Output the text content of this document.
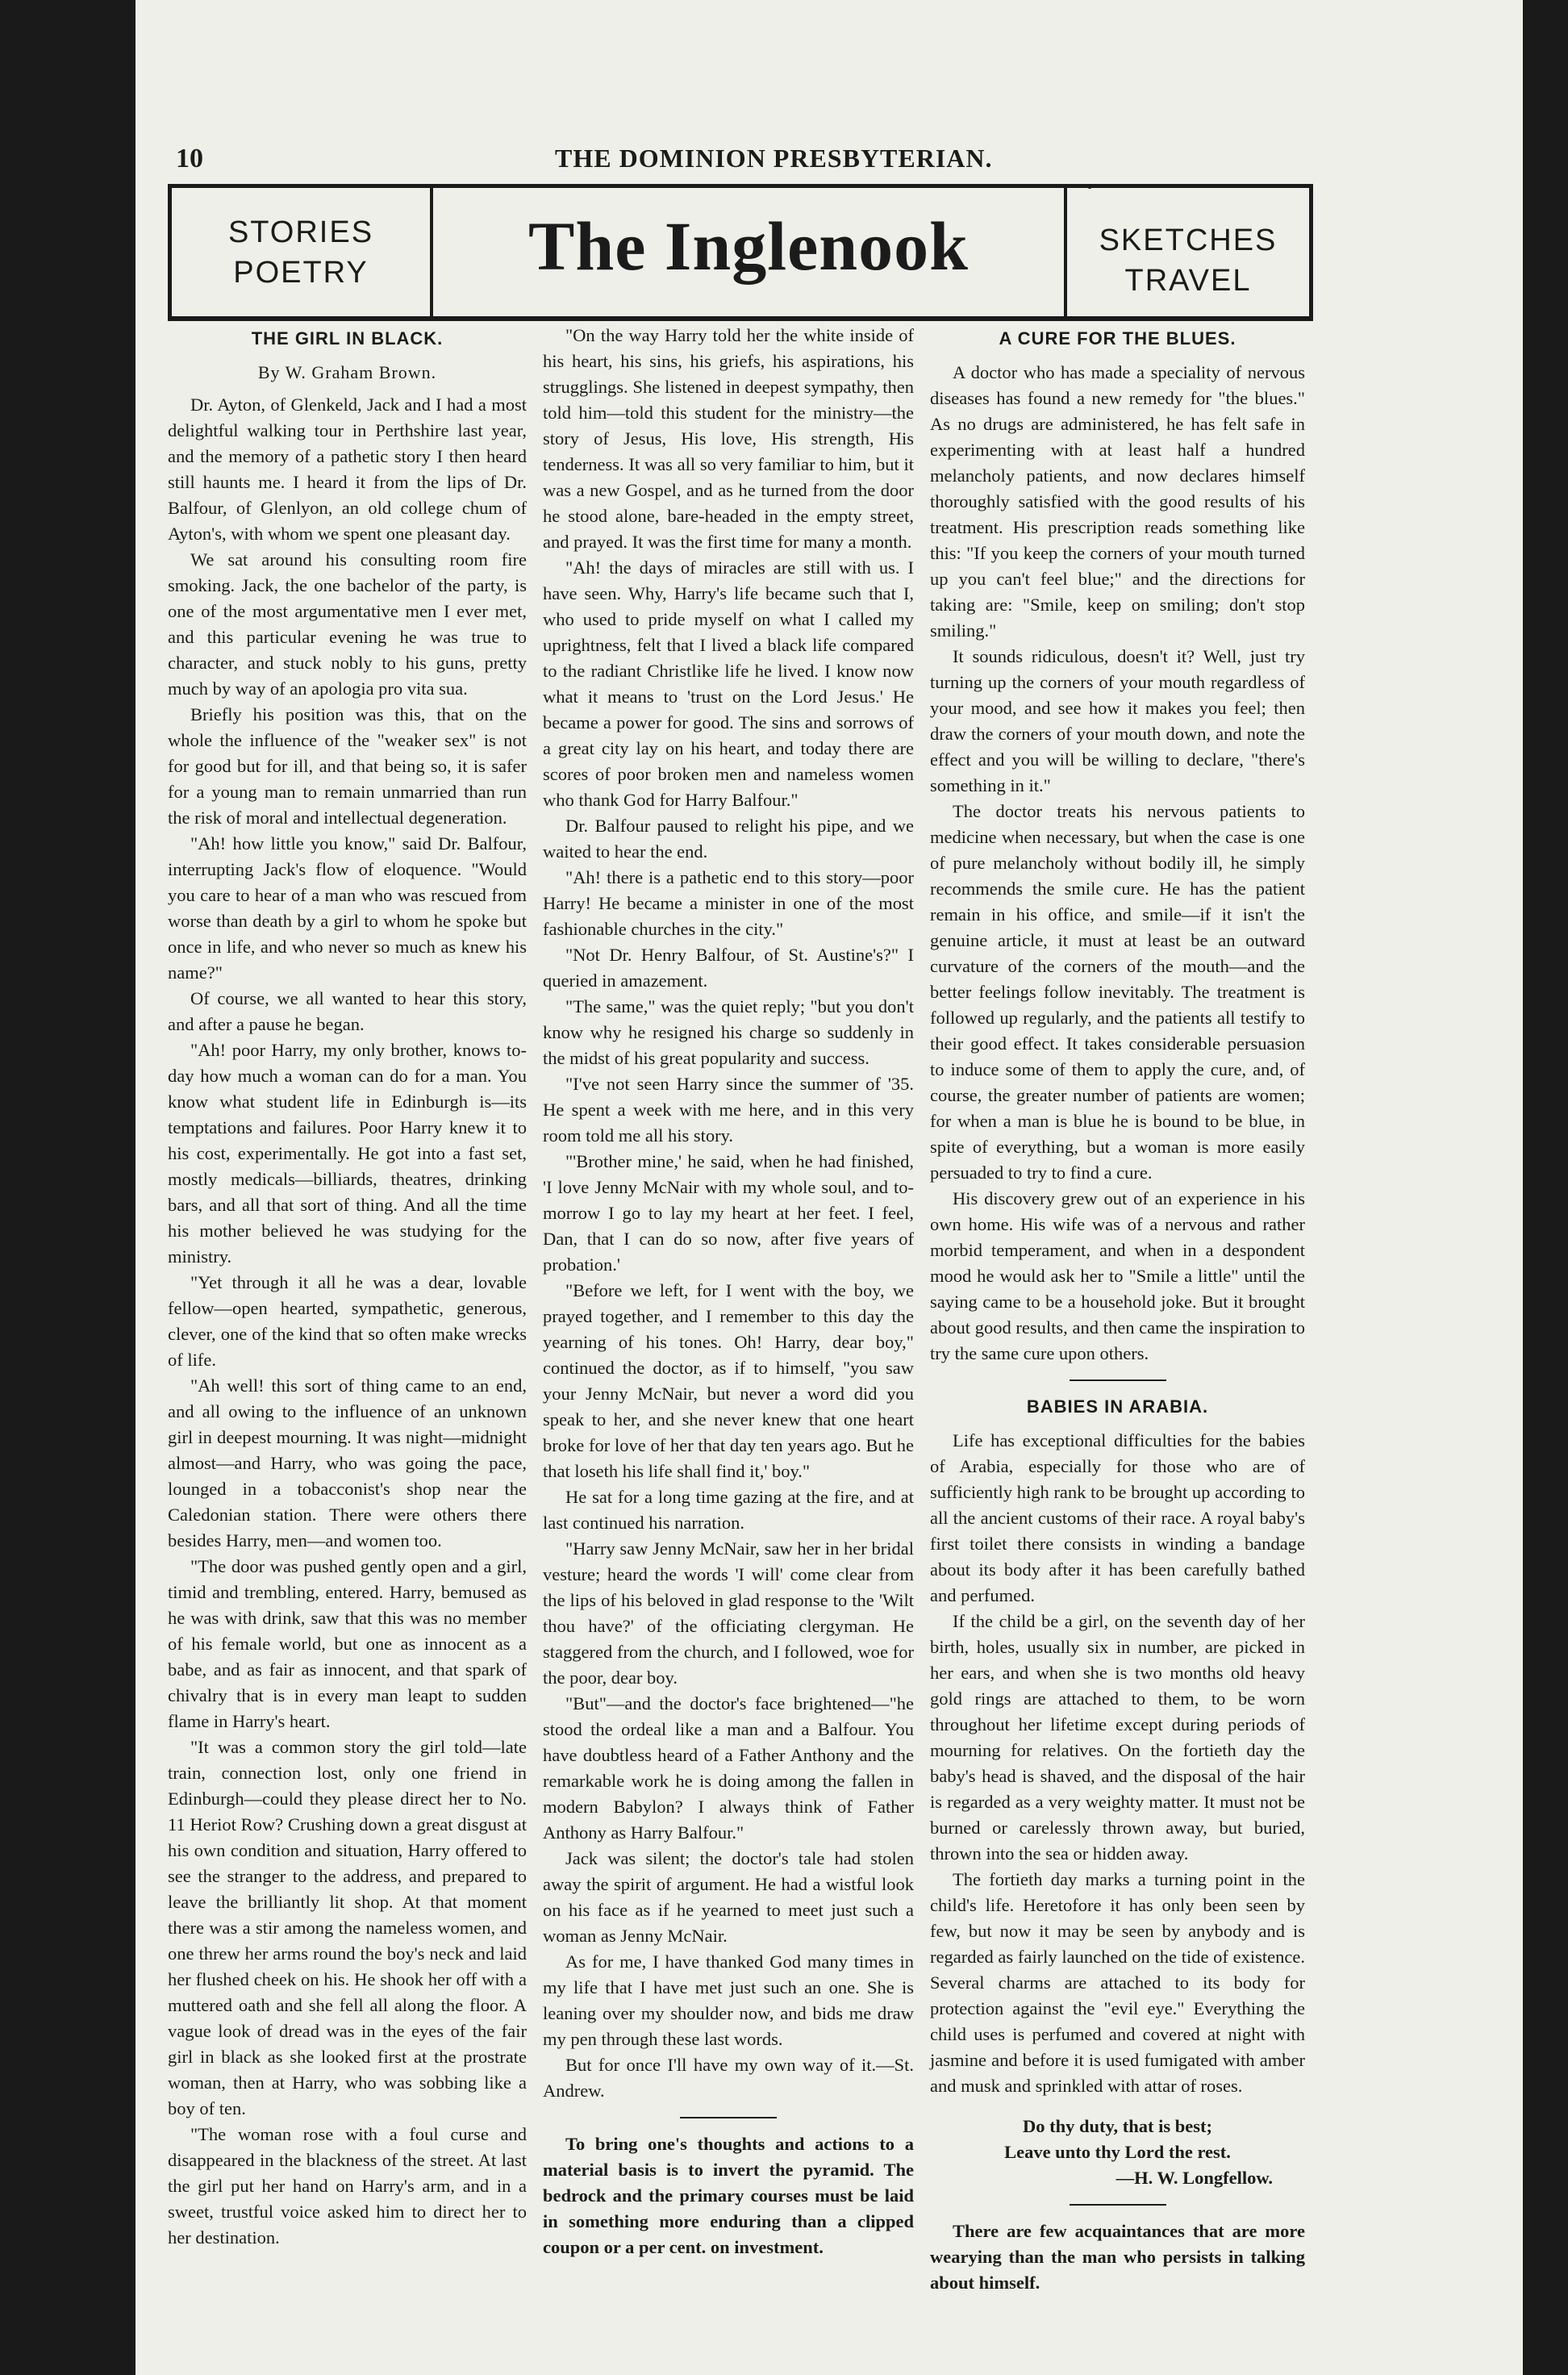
10	THE DOMINION PRESBYTERIAN.
STORIES
POETRY	The Inglenook	SKETCHES
TRAVEL
THE GIRL IN BLACK.
By W. Graham Brown.

Dr. Ayton, of Glenkeld, Jack and I had a most delightful walking tour in Perthshire last year, and the memory of a pathetic story I then heard still haunts me. I heard it from the lips of Dr. Balfour, of Glenlyon, an old college chum of Ayton's, with whom we spent one pleasant day.

We sat around his consulting room fire smoking. Jack, the one bachelor of the party, is one of the most argumentative men I ever met, and this particular evening he was true to character, and stuck nobly to his guns, pretty much by way of an apologia pro vita sua.

Briefly his position was this, that on the whole the influence of the "weaker sex" is not for good but for ill, and that being so, it is safer for a young man to remain unmarried than run the risk of moral and intellectual degeneration.

"Ah! how little you know," said Dr. Balfour, interrupting Jack's flow of eloquence. "Would you care to hear of a man who was rescued from worse than death by a girl to whom he spoke but once in life, and who never so much as knew his name?"

Of course, we all wanted to hear this story, and after a pause he began.

"Ah! poor Harry, my only brother, knows to-day how much a woman can do for a man. You know what student life in Edinburgh is—its temptations and failures. Poor Harry knew it to his cost, experimentally. He got into a fast set, mostly medicals—billiards, theatres, drinking bars, and all that sort of thing. And all the time his mother believed he was studying for the ministry.

"Yet through it all he was a dear, lovable fellow—open hearted, sympathetic, generous, clever, one of the kind that so often make wrecks of life.

"Ah well! this sort of thing came to an end, and all owing to the influence of an unknown girl in deepest mourning. It was night—midnight almost—and Harry, who was going the pace, lounged in a tobacconist's shop near the Caledonian station. There were others there besides Harry, men—and women too.

"The door was pushed gently open and a girl, timid and trembling, entered. Harry, bemused as he was with drink, saw that this was no member of his female world, but one as innocent as a babe, and as fair as innocent, and that spark of chivalry that is in every man leapt to sudden flame in Harry's heart.

"It was a common story the girl told—late train, connection lost, only one friend in Edinburgh—could they please direct her to No. 11 Heriot Row? Crushing down a great disgust at his own condition and situation, Harry offered to see the stranger to the address, and prepared to leave the brilliantly lit shop. At that moment there was a stir among the nameless women, and one threw her arms round the boy's neck and laid her flushed cheek on his. He shook her off with a muttered oath and she fell all along the floor. A vague look of dread was in the eyes of the fair girl in black as she looked first at the prostrate woman, then at Harry, who was sobbing like a boy of ten.

"The woman rose with a foul curse and disappeared in the blackness of the street. At last the girl put her hand on Harry's arm, and in a sweet, trustful voice asked him to direct her to her destination.

"On the way Harry told her the white inside of his heart, his sins, his griefs, his aspirations, his strugglings. She listened in deepest sympathy, then told him—told this student for the ministry—the story of Jesus, His love, His strength, His tenderness. It was all so very familiar to him, but it was a new Gospel, and as he turned from the door he stood alone, bare-headed in the empty street, and prayed. It was the first time for many a month.

"Ah! the days of miracles are still with us. I have seen. Why, Harry's life became such that I, who used to pride myself on what I called my uprightness, felt that I lived a black life compared to the radiant Christlike life he lived. I know now what it means to 'trust on the Lord Jesus.' He became a power for good. The sins and sorrows of a great city lay on his heart, and today there are scores of poor broken men and nameless women who thank God for Harry Balfour."

Dr. Balfour paused to relight his pipe, and we waited to hear the end.

"Ah! there is a pathetic end to this story—poor Harry! He became a minister in one of the most fashionable churches in the city."

"Not Dr. Henry Balfour, of St. Austine's?" I queried in amazement.

"The same," was the quiet reply; "but you don't know why he resigned his charge so suddenly in the midst of his great popularity and success.

"I've not seen Harry since the summer of '35. He spent a week with me here, and in this very room told me all his story.

"'Brother mine,' he said, when he had finished, 'I love Jenny McNair with my whole soul, and to-morrow I go to lay my heart at her feet. I feel, Dan, that I can do so now, after five years of probation.'

"Before we left, for I went with the boy, we prayed together, and I remember to this day the yearning of his tones. Oh! Harry, dear boy," continued the doctor, as if to himself, "you saw your Jenny McNair, but never a word did you speak to her, and she never knew that one heart broke for love of her that day ten years ago. But he that loseth his life shall find it,' boy."

He sat for a long time gazing at the fire, and at last continued his narration.

"Harry saw Jenny McNair, saw her in her bridal vesture; heard the words 'I will' come clear from the lips of his beloved in glad response to the 'Wilt thou have?' of the officiating clergyman. He staggered from the church, and I followed, woe for the poor, dear boy.

"But"—and the doctor's face brightened—"he stood the ordeal like a man and a Balfour. You have doubtless heard of a Father Anthony and the remarkable work he is doing among the fallen in modern Babylon? I always think of Father Anthony as Harry Balfour."

Jack was silent; the doctor's tale had stolen away the spirit of argument. He had a wistful look on his face as if he yearned to meet just such a woman as Jenny McNair.

As for me, I have thanked God many times in my life that I have met just such an one. She is leaning over my shoulder now, and bids me draw my pen through these last words.

But for once I'll have my own way of it.—St. Andrew.

To bring one's thoughts and actions to a material basis is to invert the pyramid. The bedrock and the primary courses must be laid in something more enduring than a clipped coupon or a per cent. on investment.

A CURE FOR THE BLUES.

A doctor who has made a speciality of nervous diseases has found a new remedy for "the blues." As no drugs are administered, he has felt safe in experimenting with at least half a hundred melancholy patients, and now declares himself thoroughly satisfied with the good results of his treatment. His prescription reads something like this: "If you keep the corners of your mouth turned up you can't feel blue;" and the directions for taking are: "Smile, keep on smiling; don't stop smiling."

It sounds ridiculous, doesn't it? Well, just try turning up the corners of your mouth regardless of your mood, and see how it makes you feel; then draw the corners of your mouth down, and note the effect and you will be willing to declare, "there's something in it."

The doctor treats his nervous patients to medicine when necessary, but when the case is one of pure melancholy without bodily ill, he simply recommends the smile cure. He has the patient remain in his office, and smile—if it isn't the genuine article, it must at least be an outward curvature of the corners of the mouth—and the better feelings follow inevitably. The treatment is followed up regularly, and the patients all testify to their good effect. It takes considerable persuasion to induce some of them to apply the cure, and, of course, the greater number of patients are women; for when a man is blue he is bound to be blue, in spite of everything, but a woman is more easily persuaded to try to find a cure.

His discovery grew out of an experience in his own home. His wife was of a nervous and rather morbid temperament, and when in a despondent mood he would ask her to "Smile a little" until the saying came to be a household joke. But it brought about good results, and then came the inspiration to try the same cure upon others.

BABIES IN ARABIA.

Life has exceptional difficulties for the babies of Arabia, especially for those who are of sufficiently high rank to be brought up according to all the ancient customs of their race. A royal baby's first toilet there consists in winding a bandage about its body after it has been carefully bathed and perfumed.

If the child be a girl, on the seventh day of her birth, holes, usually six in number, are picked in her ears, and when she is two months old heavy gold rings are attached to them, to be worn throughout her lifetime except during periods of mourning for relatives. On the fortieth day the baby's head is shaved, and the disposal of the hair is regarded as a very weighty matter. It must not be burned or carelessly thrown away, but buried, thrown into the sea or hidden away.

The fortieth day marks a turning point in the child's life. Heretofore it has only been seen by few, but now it may be seen by anybody and is regarded as fairly launched on the tide of existence. Several charms are attached to its body for protection against the "evil eye." Everything the child uses is perfumed and covered at night with jasmine and before it is used fumigated with amber and musk and sprinkled with attar of roses.

Do thy duty, that is best;
Leave unto thy Lord the rest.
—H. W. Longfellow.

There are few acquaintances that are more wearying than the man who persists in talking about himself.
